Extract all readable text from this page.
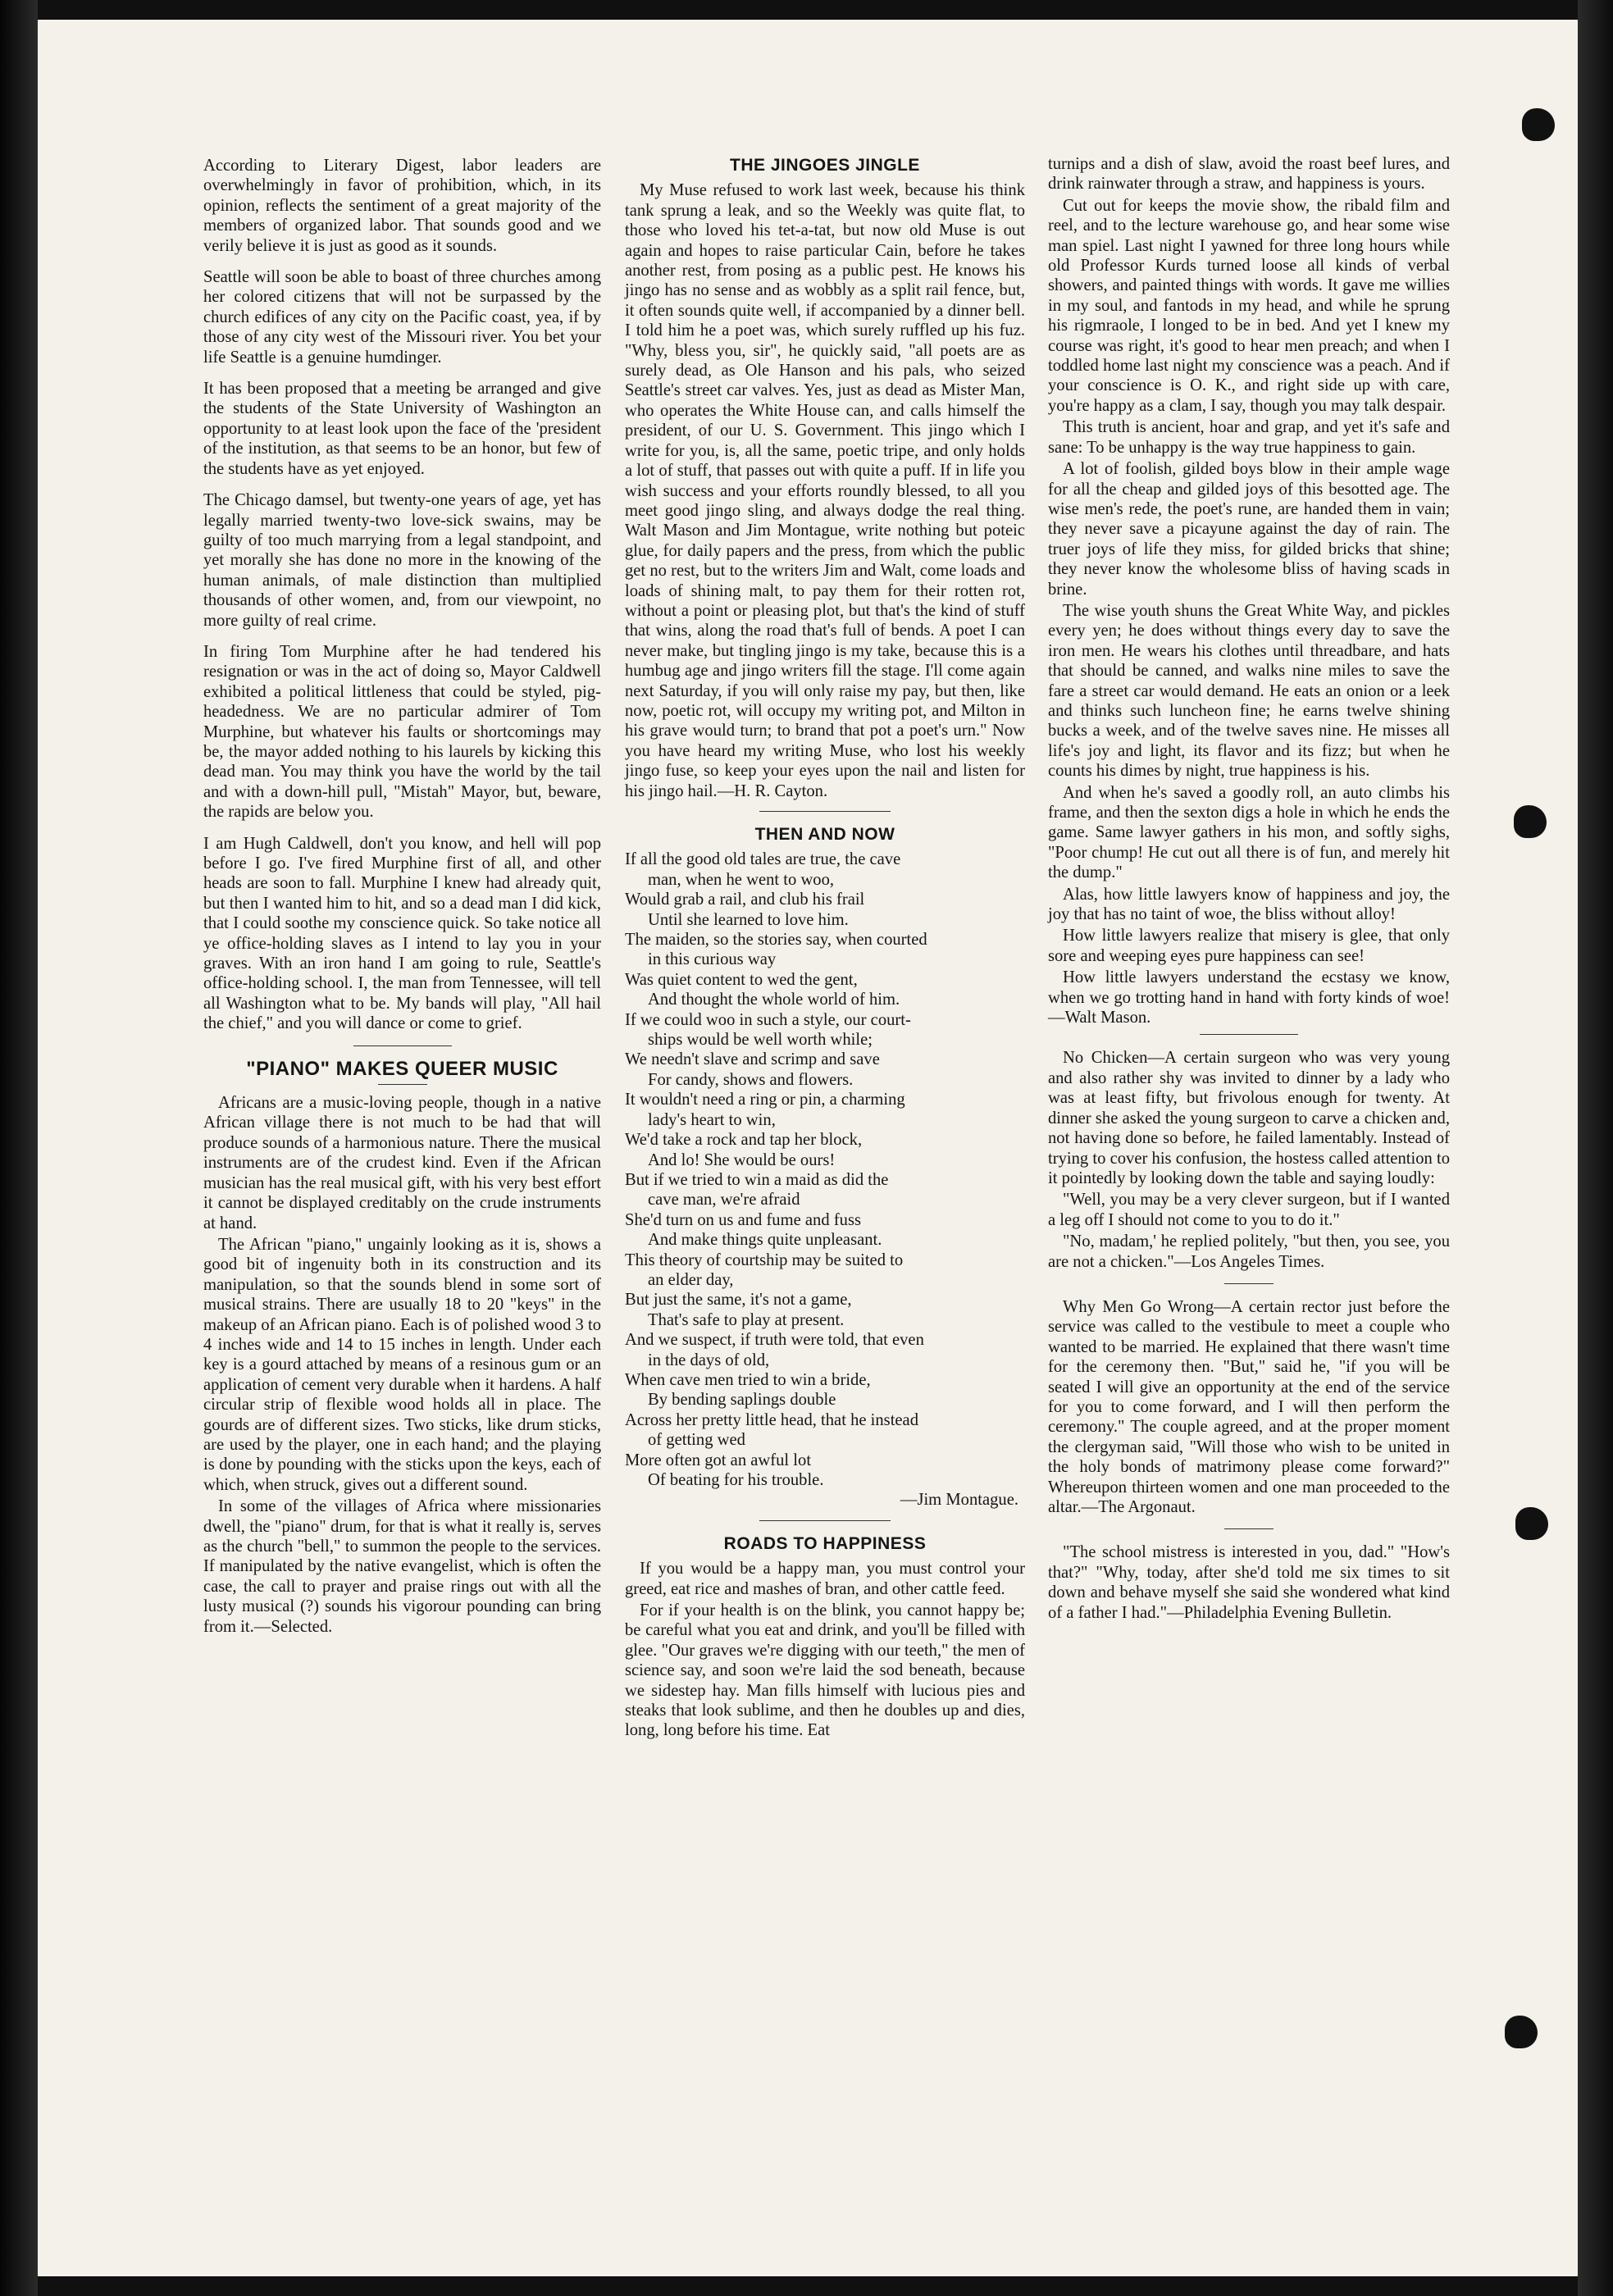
According to Literary Digest, labor leaders are overwhelmingly in favor of prohibition, which, in its opinion, reflects the sentiment of a great majority of the members of organized labor. That sounds good and we verily believe it is just as good as it sounds.

Seattle will soon be able to boast of three churches among her colored citizens that will not be surpassed by the church edifices of any city on the Pacific coast, yea, if by those of any city west of the Missouri river. You bet your life Seattle is a genuine humdinger.

It has been proposed that a meeting be arranged and give the students of the State University of Washington an opportunity to at least look upon the face of the 'president of the institution, as that seems to be an honor, but few of the students have as yet enjoyed.

The Chicago damsel, but twenty-one years of age, yet has legally married twenty-two love-sick swains, may be guilty of too much marrying from a legal standpoint, and yet morally she has done no more in the knowing of the human animals, of male distinction than multiplied thousands of other women, and, from our viewpoint, no more guilty of real crime.

In firing Tom Murphine after he had tendered his resignation or was in the act of doing so, Mayor Caldwell exhibited a political littleness that could be styled, pig-headedness. We are no particular admirer of Tom Murphine, but whatever his faults or shortcomings may be, the mayor added nothing to his laurels by kicking this dead man. You may think you have the world by the tail and with a down-hill pull, "Mistah" Mayor, but, beware, the rapids are below you.

I am Hugh Caldwell, don't you know, and hell will pop before I go. I've fired Murphine first of all, and other heads are soon to fall. Murphine I knew had already quit, but then I wanted him to hit, and so a dead man I did kick, that I could soothe my conscience quick. So take notice all ye office-holding slaves as I intend to lay you in your graves. With an iron hand I am going to rule, Seattle's office-holding school. I, the man from Tennessee, will tell all Washington what to be. My bands will play, "All hail the chief," and you will dance or come to grief.

"PIANO" MAKES QUEER MUSIC

Africans are a music-loving people, though in a native African village there is not much to be had that will produce sounds of a harmonious nature. There the musical instruments are of the crudest kind. Even if the African musician has the real musical gift, with his very best effort it cannot be displayed creditably on the crude instruments at hand.

The African "piano," ungainly looking as it is, shows a good bit of ingenuity both in its construction and its manipulation, so that the sounds blend in some sort of musical strains. There are usually 18 to 20 "keys" in the makeup of an African piano. Each is of polished wood 3 to 4 inches wide and 14 to 15 inches in length. Under each key is a gourd attached by means of a resinous gum or an application of cement very durable when it hardens. A half circular strip of flexible wood holds all in place. The gourds are of different sizes. Two sticks, like drum sticks, are used by the player, one in each hand; and the playing is done by pounding with the sticks upon the keys, each of which, when struck, gives out a different sound.

In some of the villages of Africa where missionaries dwell, the "piano" drum, for that is what it really is, serves as the church "bell," to summon the people to the services. If manipulated by the native evangelist, which is often the case, the call to prayer and praise rings out with all the lusty musical (?) sounds his vigorour pounding can bring from it.—Selected.

THE JINGOES JINGLE

My Muse refused to work last week, because his think tank sprung a leak, and so the Weekly was quite flat, to those who loved his tet-a-tat, but now old Muse is out again and hopes to raise particular Cain, before he takes another rest, from posing as a public pest. He knows his jingo has no sense and as wobbly as a split rail fence, but, it often sounds quite well, if accompanied by a dinner bell. I told him he a poet was, which surely ruffled up his fuz. "Why, bless you, sir", he quickly said, "all poets are as surely dead, as Ole Hanson and his pals, who seized Seattle's street car valves. Yes, just as dead as Mister Man, who operates the White House can, and calls himself the president, of our U. S. Government. This jingo which I write for you, is, all the same, poetic tripe, and only holds a lot of stuff, that passes out with quite a puff. If in life you wish success and your efforts roundly blessed, to all you meet good jingo sling, and always dodge the real thing. Walt Mason and Jim Montague, write nothing but poteic glue, for daily papers and the press, from which the public get no rest, but to the writers Jim and Walt, come loads and loads of shining malt, to pay them for their rotten rot, without a point or pleasing plot, but that's the kind of stuff that wins, along the road that's full of bends. A poet I can never make, but tingling jingo is my take, because this is a humbug age and jingo writers fill the stage. I'll come again next Saturday, if you will only raise my pay, but then, like now, poetic rot, will occupy my writing pot, and Milton in his grave would turn; to brand that pot a poet's urn." Now you have heard my writing Muse, who lost his weekly jingo fuse, so keep your eyes upon the nail and listen for his jingo hail.—H. R. Cayton.

THEN AND NOW
If all the good old tales are true, the cave
man, when he went to woo,
Would grab a rail, and club his frail
Until she learned to love him.
The maiden, so the stories say, when courted
in this curious way
Was quiet content to wed the gent,
And thought the whole world of him.
If we could woo in such a style, our court-
ships would be well worth while;
We needn't slave and scrimp and save
For candy, shows and flowers.
It wouldn't need a ring or pin, a charming
lady's heart to win,
We'd take a rock and tap her block,
And lo! She would be ours!
But if we tried to win a maid as did the
cave man, we're afraid
She'd turn on us and fume and fuss
And make things quite unpleasant.
This theory of courtship may be suited to
an elder day,
But just the same, it's not a game,
That's safe to play at present.
And we suspect, if truth were told, that even
in the days of old,
When cave men tried to win a bride,
By bending saplings double
Across her pretty little head, that he instead
of getting wed
More often got an awful lot
Of beating for his trouble.
—Jim Montague.
ROADS TO HAPPINESS

If you would be a happy man, you must control your greed, eat rice and mashes of bran, and other cattle feed.

For if your health is on the blink, you cannot happy be; be careful what you eat and drink, and you'll be filled with glee. "Our graves we're digging with our teeth," the men of science say, and soon we're laid the sod beneath, because we sidestep hay. Man fills himself with lucious pies and steaks that look sublime, and then he doubles up and dies, long, long before his time. Eat

turnips and a dish of slaw, avoid the roast beef lures, and drink rainwater through a straw, and happiness is yours.

Cut out for keeps the movie show, the ribald film and reel, and to the lecture warehouse go, and hear some wise man spiel. Last night I yawned for three long hours while old Professor Kurds turned loose all kinds of verbal showers, and painted things with words. It gave me willies in my soul, and fantods in my head, and while he sprung his rigmraole, I longed to be in bed. And yet I knew my course was right, it's good to hear men preach; and when I toddled home last night my conscience was a peach. And if your conscience is O. K., and right side up with care, you're happy as a clam, I say, though you may talk despair.

This truth is ancient, hoar and grap, and yet it's safe and sane: To be unhappy is the way true happiness to gain.

A lot of foolish, gilded boys blow in their ample wage for all the cheap and gilded joys of this besotted age. The wise men's rede, the poet's rune, are handed them in vain; they never save a picayune against the day of rain. The truer joys of life they miss, for gilded bricks that shine; they never know the wholesome bliss of having scads in brine.

The wise youth shuns the Great White Way, and pickles every yen; he does without things every day to save the iron men. He wears his clothes until threadbare, and hats that should be canned, and walks nine miles to save the fare a street car would demand. He eats an onion or a leek and thinks such luncheon fine; he earns twelve shining bucks a week, and of the twelve saves nine. He misses all life's joy and light, its flavor and its fizz; but when he counts his dimes by night, true happiness is his.

And when he's saved a goodly roll, an auto climbs his frame, and then the sexton digs a hole in which he ends the game. Same lawyer gathers in his mon, and softly sighs, "Poor chump! He cut out all there is of fun, and merely hit the dump."

Alas, how little lawyers know of happiness and joy, the joy that has no taint of woe, the bliss without alloy!

How little lawyers realize that misery is glee, that only sore and weeping eyes pure happiness can see!

How little lawyers understand the ecstasy we know, when we go trotting hand in hand with forty kinds of woe!—Walt Mason.

No Chicken—A certain surgeon who was very young and also rather shy was invited to dinner by a lady who was at least fifty, but frivolous enough for twenty. At dinner she asked the young surgeon to carve a chicken and, not having done so before, he failed lamentably. Instead of trying to cover his confusion, the hostess called attention to it pointedly by looking down the table and saying loudly:

"Well, you may be a very clever surgeon, but if I wanted a leg off I should not come to you to do it."

"No, madam,' he replied politely, "but then, you see, you are not a chicken."—Los Angeles Times.

Why Men Go Wrong—A certain rector just before the service was called to the vestibule to meet a couple who wanted to be married. He explained that there wasn't time for the ceremony then. "But," said he, "if you will be seated I will give an opportunity at the end of the service for you to come forward, and I will then perform the ceremony." The couple agreed, and at the proper moment the clergyman said, "Will those who wish to be united in the holy bonds of matrimony please come forward?" Whereupon thirteen women and one man proceeded to the altar.—The Argonaut.

"The school mistress is interested in you, dad." "How's that?" "Why, today, after she'd told me six times to sit down and behave myself she said she wondered what kind of a father I had."—Philadelphia Evening Bulletin.
